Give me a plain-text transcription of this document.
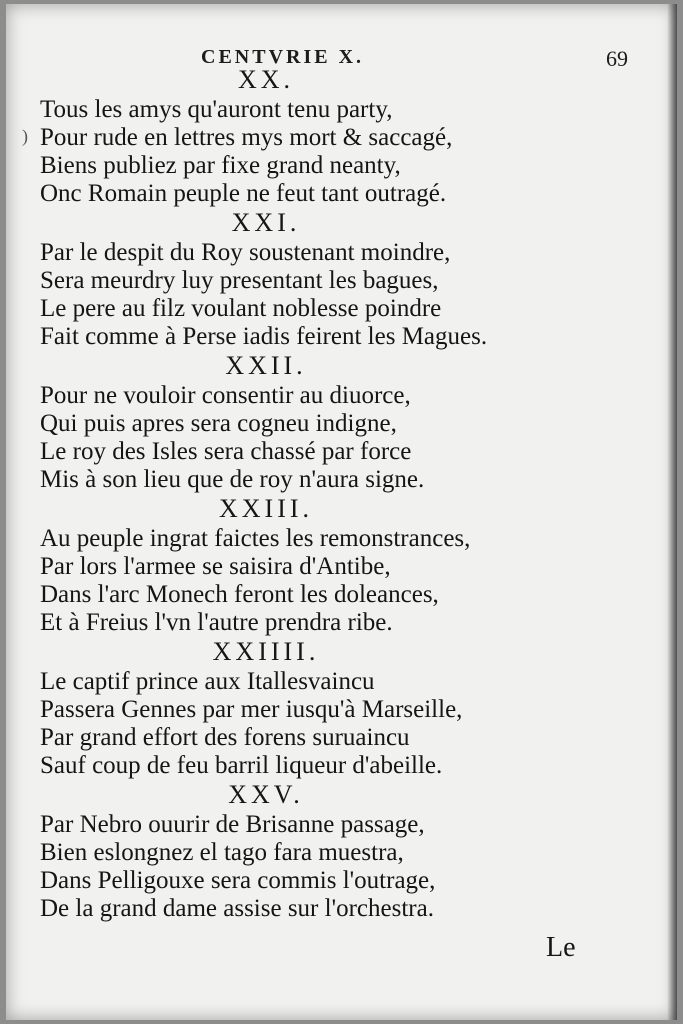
CENTVRIE X.	69
)
XX.
Tous les amys qu'auront tenu party,
Pour rude en lettres mys mort & saccagé,
Biens publiez par fixe grand neanty,
Onc Romain peuple ne feut tant outragé.
XXI.
Par le despit du Roy soustenant moindre,
Sera meurdry luy presentant les bagues,
Le pere au filz voulant noblesse poindre
Fait comme à Perse iadis feirent les Magues.
XXII.
Pour ne vouloir consentir au diuorce,
Qui puis apres sera cogneu indigne,
Le roy des Isles sera chassé par force
Mis à son lieu que de roy n'aura signe.
XXIII.
Au peuple ingrat faictes les remonstrances,
Par lors l'armee se saisira d'Antibe,
Dans l'arc Monech feront les doleances,
Et à Freius l'vn l'autre prendra ribe.
XXIIII.
Le captif prince aux Itallesvaincu
Passera Gennes par mer iusqu'à Marseille,
Par grand effort des forens suruaincu
Sauf coup de feu barril liqueur d'abeille.
XXV.
Par Nebro ouurir de Brisanne passage,
Bien eslongnez el tago fara muestra,
Dans Pelligouxe sera commis l'outrage,
De la grand dame assise sur l'orchestra.
Le
